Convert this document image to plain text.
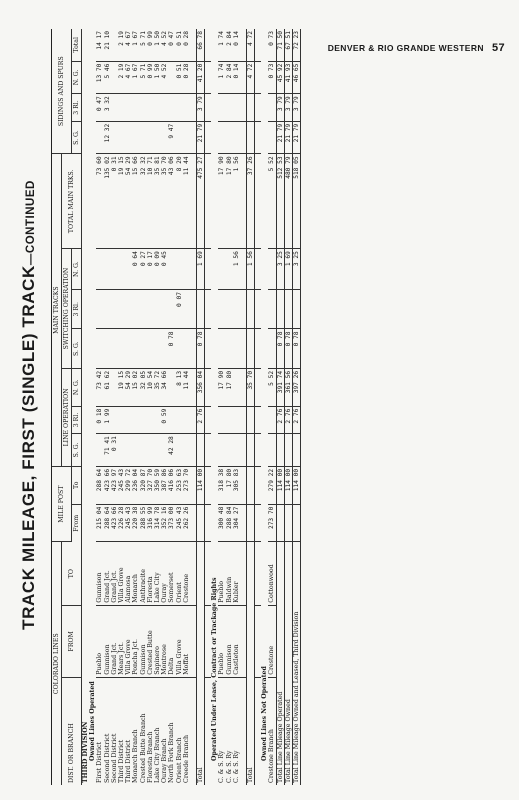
DENVER & RIO GRANDE WESTERN 57
TRACK MILEAGE, FIRST (SINGLE) TRACK—CONTINUED
COLORADO LINES			MILE POST		MAIN TRACKS							SIDINGS AND SPURS			
DIST. OR BRANCH	FROM	TO			LINE OPERATION			SWITCHING OPERATION			TOTAL MAIN TRKS.				
			From	To	S. G.	3 Rl.	N. G.	S. G.	3 Rl.	N. G.		S. G.	3 Rl.	N. G.	Total
THIRD DIVISION															
Owned Lines Operated															
First District	Pueblo	Gunnison	215 04	288 64		0 18	73 42				73 60		0 47	13 70	14 17
Second District	Gunnison	Grand Jct.	288 64	423 66	71 41	1 99	61 62				135 02	12 32	3 32	5 46	21 10
Second District	Grand Jct.	Grand Jct.	423 66	423 97	0 31						0 31				
Third District	Mears Jct.	Villa Grove	226 28	245 43			19 15				19 15			2 19	2 19
Third District	Villa Grove	Alamosa	245 43	299 72			54 29				54 29			4 67	4 67
Monarch Branch	Poncha Jct.	Monarch	220 38	236 04			15 02			0 64	15 66			1 67	1 67
Crested Butte Branch	Gunnison	Anthracite	288 55	320 87			32 05			0 27	32 32			5 71	5 71
Floresta Branch	Crested Butte	Floresta	316 99	327 70			10 54			0 17	10 71			0 99	0 99
Lake City Branch	Sapinero	Lake City	314 78	350 59			35 72			0 09	35 81			1 50	1 50
Ouray Branch	Montrose	Ouray	352 16	387 86		0 59	34 66			0 45	35 70			4 52	4 52
North Fork Branch	Delta	Somerset	373 00	416 06	42 28			0 78			43 06	9 47			0 47
Orient Branch	Villa Grove	Orient	245 43	253 63			8 13		0 07		8 20			0 51	0 51
Creede Branch	Moffat	Crestone	262 26	273 70			11 44				11 44			0 28	0 28

Total				114 00		2 76	356 04	0 78		1 69	475 27	21 79	3 79	41 20	66 78

Operated Under Lease, Contract or Trackage Rights															
C. & S. Ry	Pueblo	Pueblo	300 48	318 38			17 90				17 90			1 74	1 74
C. & S. Ry	Gunnison	Baldwin	288 84	17 80			17 80				17 80			2 84	2 84
C. & S. Ry	Castleton	Kubler	304 27	305 83						1 56	1 56			0 14	0 14

Total							35 70			1 56	37 26			4 72	4 72

Owned Lines Not Operated															
Crestone Branch	Crestone	Cottonwood	273 70	279 22			5 52				5 52			0 73	0 73
Total Line Mileage Operated				114 00		2 76	391 74	0 78		3 25	512 53	21 79	3 79	45 92	71 50
Total Line Mileage Owned				114 00		2 76	361 56	0 78		1 69	480 79	21 79	3 79	41 93	67 51
Total Line Mileage Owned and Leased, Third Division				114 00		2 76	397 26	0 78		3 25	518 05	21 79	3 79	46 65	72 23
